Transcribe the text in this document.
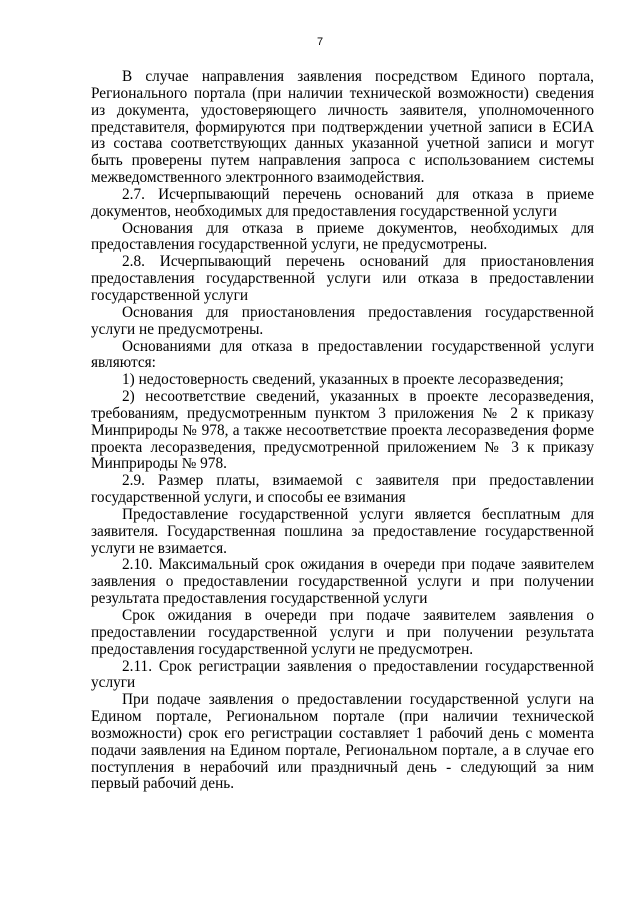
7

В случае направления заявления посредством Единого портала, Регионального портала (при наличии технической возможности) сведения из документа, удостоверяющего личность заявителя, уполномоченного представителя, формируются при подтверждении учетной записи в ЕСИА из состава соответствующих данных указанной учетной записи и могут быть проверены путем направления запроса с использованием системы межведомственного электронного взаимодействия.

2.7. Исчерпывающий перечень оснований для отказа в приеме документов, необходимых для предоставления государственной услуги

Основания для отказа в приеме документов, необходимых для предоставления государственной услуги, не предусмотрены.

2.8. Исчерпывающий перечень оснований для приостановления предоставления государственной услуги или отказа в предоставлении государственной услуги

Основания для приостановления предоставления государственной услуги не предусмотрены.

Основаниями для отказа в предоставлении государственной услуги являются:

1) недостоверность сведений, указанных в проекте лесоразведения;

2) несоответствие сведений, указанных в проекте лесоразведения, требованиям, предусмотренным пунктом 3 приложения № 2 к приказу Минприроды № 978, а также несоответствие проекта лесоразведения форме проекта лесоразведения, предусмотренной приложением № 3 к приказу Минприроды № 978.

2.9. Размер платы, взимаемой с заявителя при предоставлении государственной услуги, и способы ее взимания

Предоставление государственной услуги является бесплатным для заявителя. Государственная пошлина за предоставление государственной услуги не взимается.

2.10. Максимальный срок ожидания в очереди при подаче заявителем заявления о предоставлении государственной услуги и при получении результата предоставления государственной услуги

Срок ожидания в очереди при подаче заявителем заявления о предоставлении государственной услуги и при получении результата предоставления государственной услуги не предусмотрен.

2.11. Срок регистрации заявления о предоставлении государственной услуги

При подаче заявления о предоставлении государственной услуги на Едином портале, Региональном портале (при наличии технической возможности) срок его регистрации составляет 1 рабочий день с момента подачи заявления на Едином портале, Региональном портале, а в случае его поступления в нерабочий или праздничный день - следующий за ним первый рабочий день.
